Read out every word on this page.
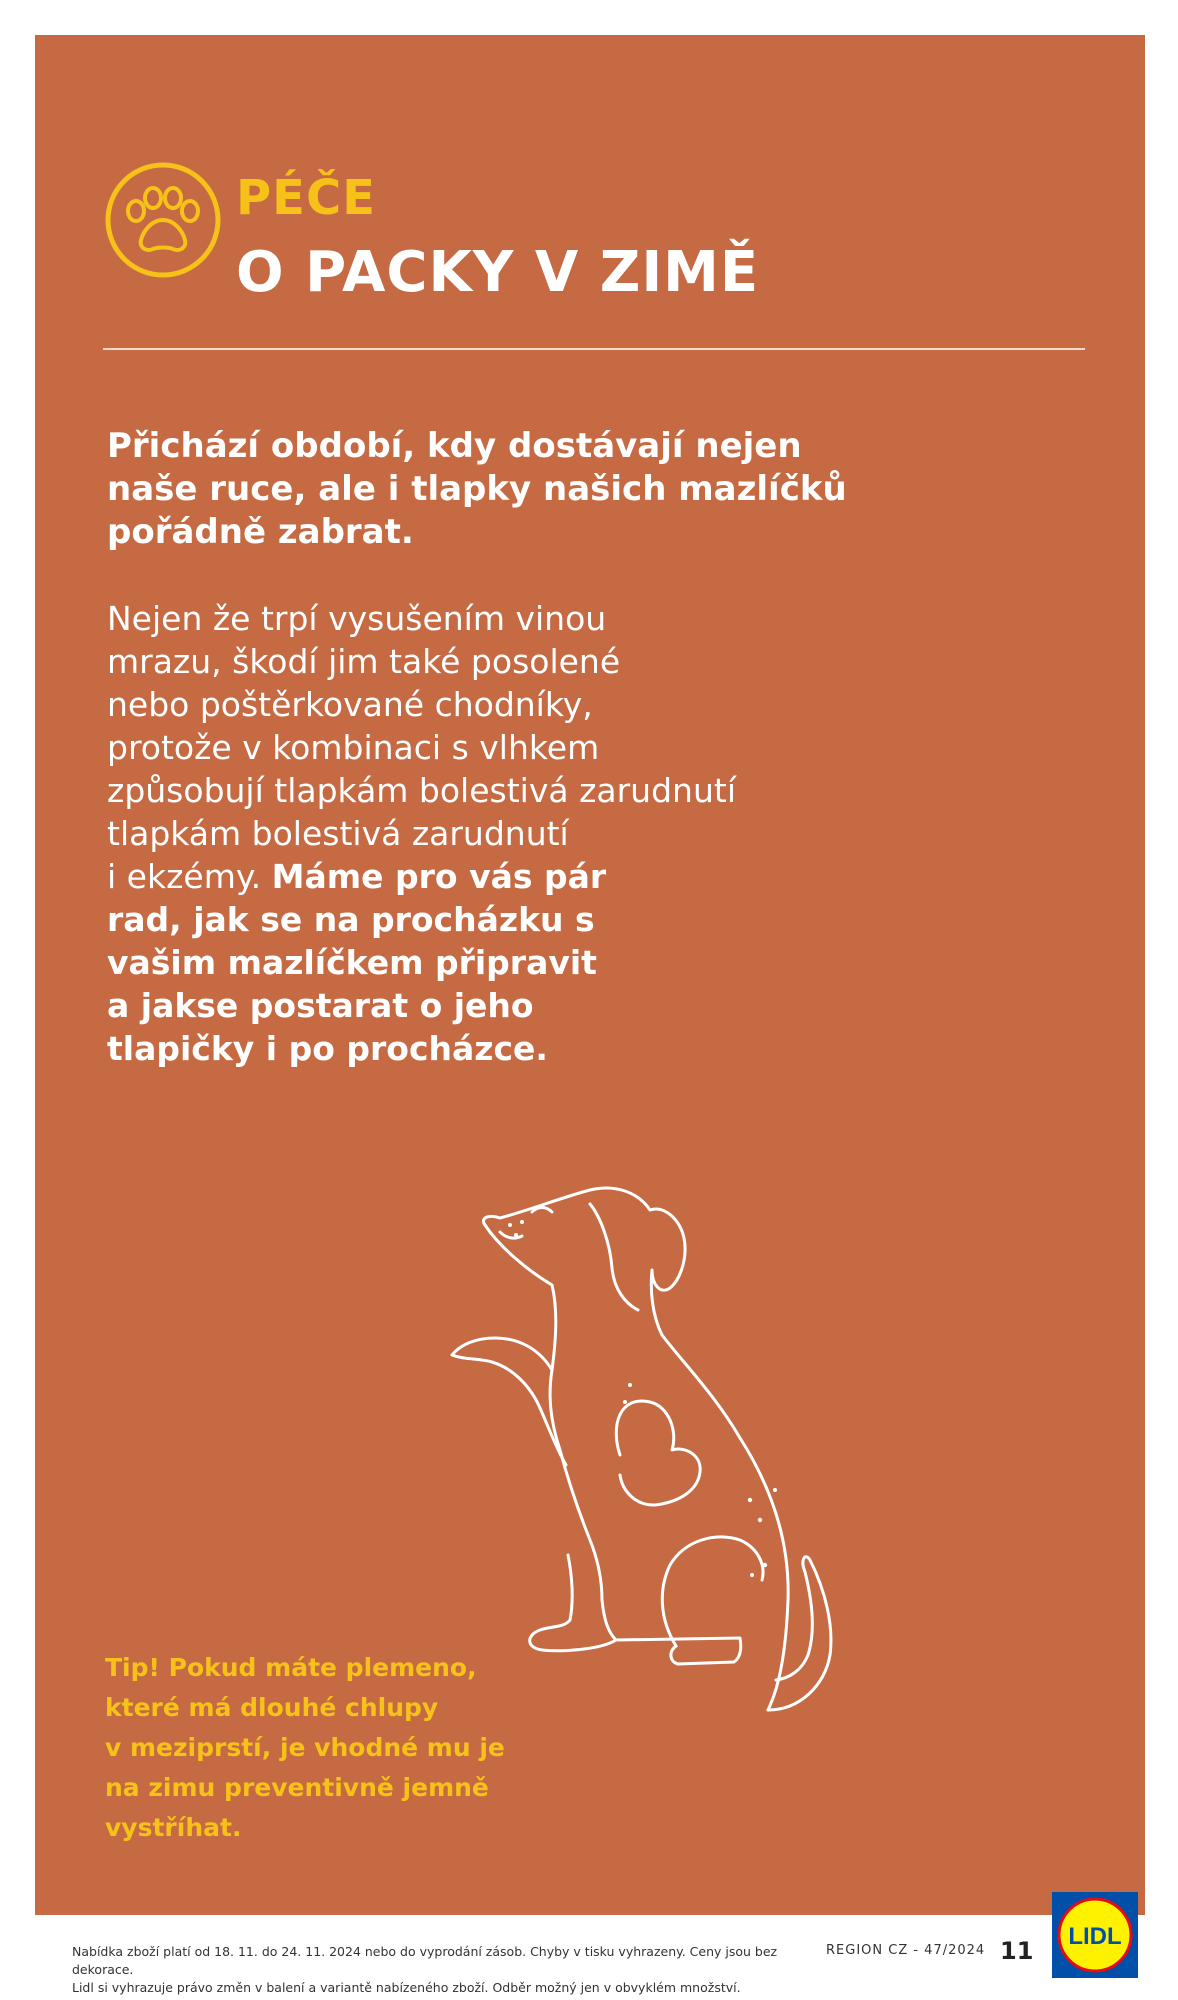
PÉČE
O PACKY V ZIMĚ

Přichází období, kdy dostávají nejen
naše ruce, ale i tlapky našich mazlíčků
pořádně zabrat.

Nejen že trpí vysušením vinou
mrazu, škodí jim také posolené
nebo poštěrkované chodníky,
protože v kombinaci s vlhkem
způsobují tlapkám bolestivá zarudnutí
tlapkám bolestivá zarudnutí
i ekzémy. Máme pro vás pár
rad, jak se na procházku s
vašim mazlíčkem připravit
a jakse postarat o jeho
tlapičky i po procházce.

Tip! Pokud máte plemeno,
které má dlouhé chlupy
v meziprstí, je vhodné mu je
na zimu preventivně jemně
vystříhat.

Nabídka zboží platí od 18. 11. do 24. 11. 2024 nebo do vyprodání zásob. Chyby v tisku vyhrazeny. Ceny jsou bez dekorace.
Lidl si vyhrazuje právo změn v balení a variantě nabízeného zboží. Odběr možný jen v obvyklém množství.
REGION CZ - 47/2024 11
LIDL
